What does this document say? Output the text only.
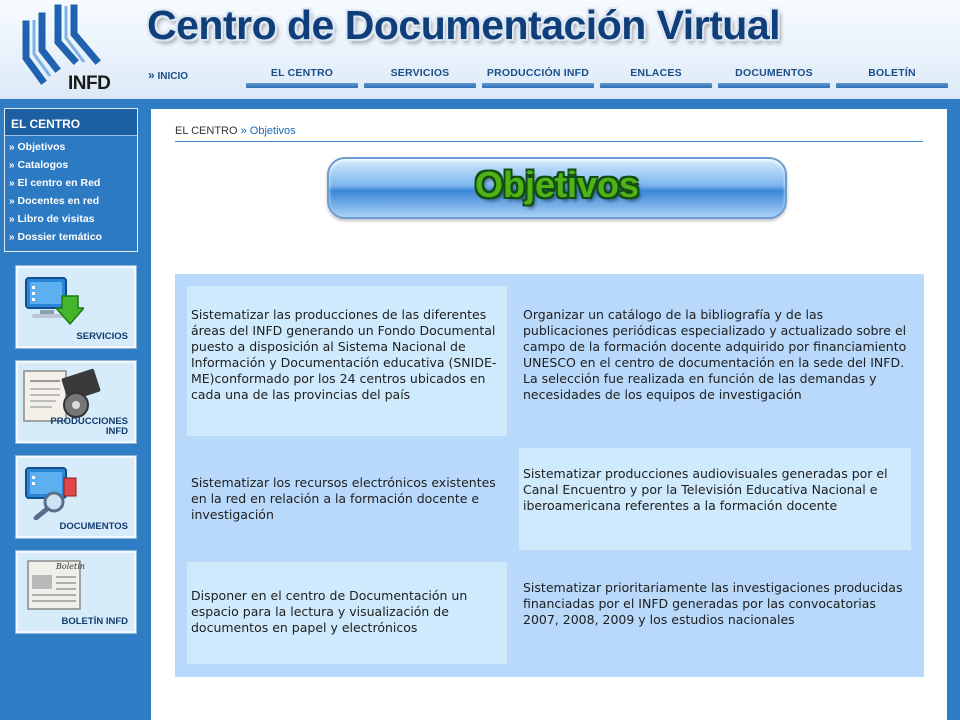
INFD
Centro de Documentación Virtual
» INICIO	EL CENTRO	SERVICIOS	PRODUCCIÓN INFD	ENLACES	DOCUMENTOS	BOLETÍN
EL CENTRO
» Objetivos
» Catalogos
» El centro en Red
» Docentes en red
» Libro de visitas
» Dossier temático
SERVICIOS
PRODUCCIONES
INFD
DOCUMENTOS
Boletín
BOLETÍN INFD
EL CENTRO » Objetivos
Objetivos
Sistematizar las producciones de las diferentes áreas del INFD generando un Fondo Documental puesto a disposición al Sistema Nacional de Información y Documentación educativa (SNIDE-ME)conformado por los 24 centros ubicados en cada una de las provincias del país
Organizar un catálogo de la bibliografía y de las publicaciones periódicas especializado y actualizado sobre el campo de la formación docente adquirido por financiamiento UNESCO en el centro de documentación en la sede del INFD. La selección fue realizada en función de las demandas y necesidades de los equipos de investigación
Sistematizar los recursos electrónicos existentes en la red en relación a la formación docente e investigación
Sistematizar producciones audiovisuales generadas por el Canal Encuentro y por la Televisión Educativa Nacional e iberoamericana referentes a la formación docente
Disponer en el centro de Documentación un espacio para la lectura y visualización de documentos en papel y electrónicos
Sistematizar prioritariamente las investigaciones producidas financiadas por el INFD generadas por las convocatorias 2007, 2008, 2009 y los estudios nacionales
